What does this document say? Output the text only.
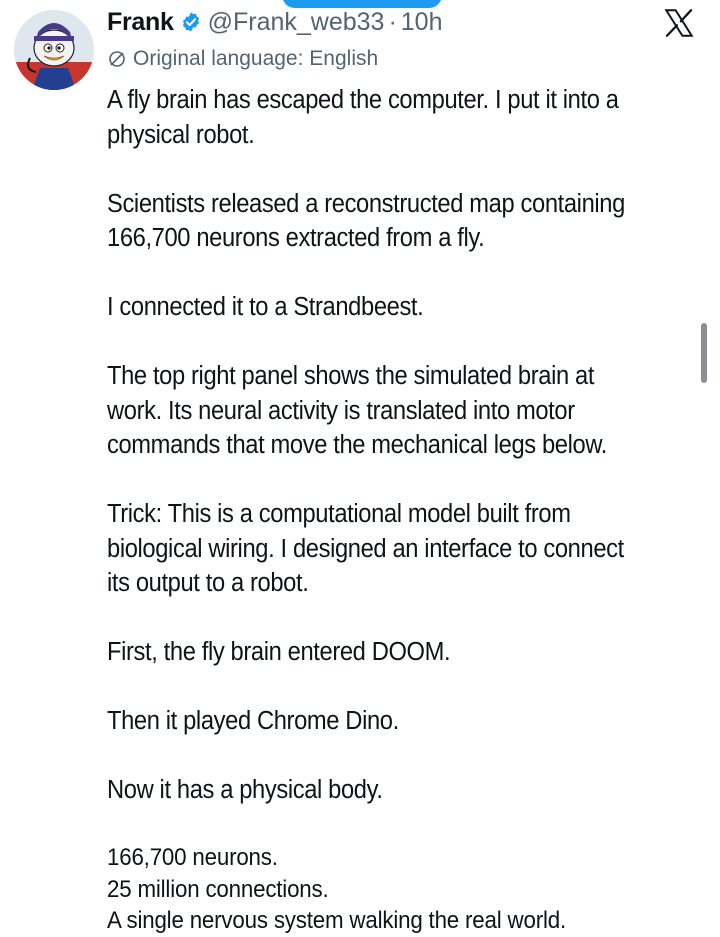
Frank @Frank_web33 · 10h
Original language: English

A fly brain has escaped the computer. I put it into a
physical robot.

Scientists released a reconstructed map containing
166,700 neurons extracted from a fly.

I connected it to a Strandbeest.

The top right panel shows the simulated brain at
work. Its neural activity is translated into motor
commands that move the mechanical legs below.

Trick: This is a computational model built from
biological wiring. I designed an interface to connect
its output to a robot.

First, the fly brain entered DOOM.

Then it played Chrome Dino.

Now it has a physical body.

166,700 neurons.
25 million connections.
A single nervous system walking the real world.
